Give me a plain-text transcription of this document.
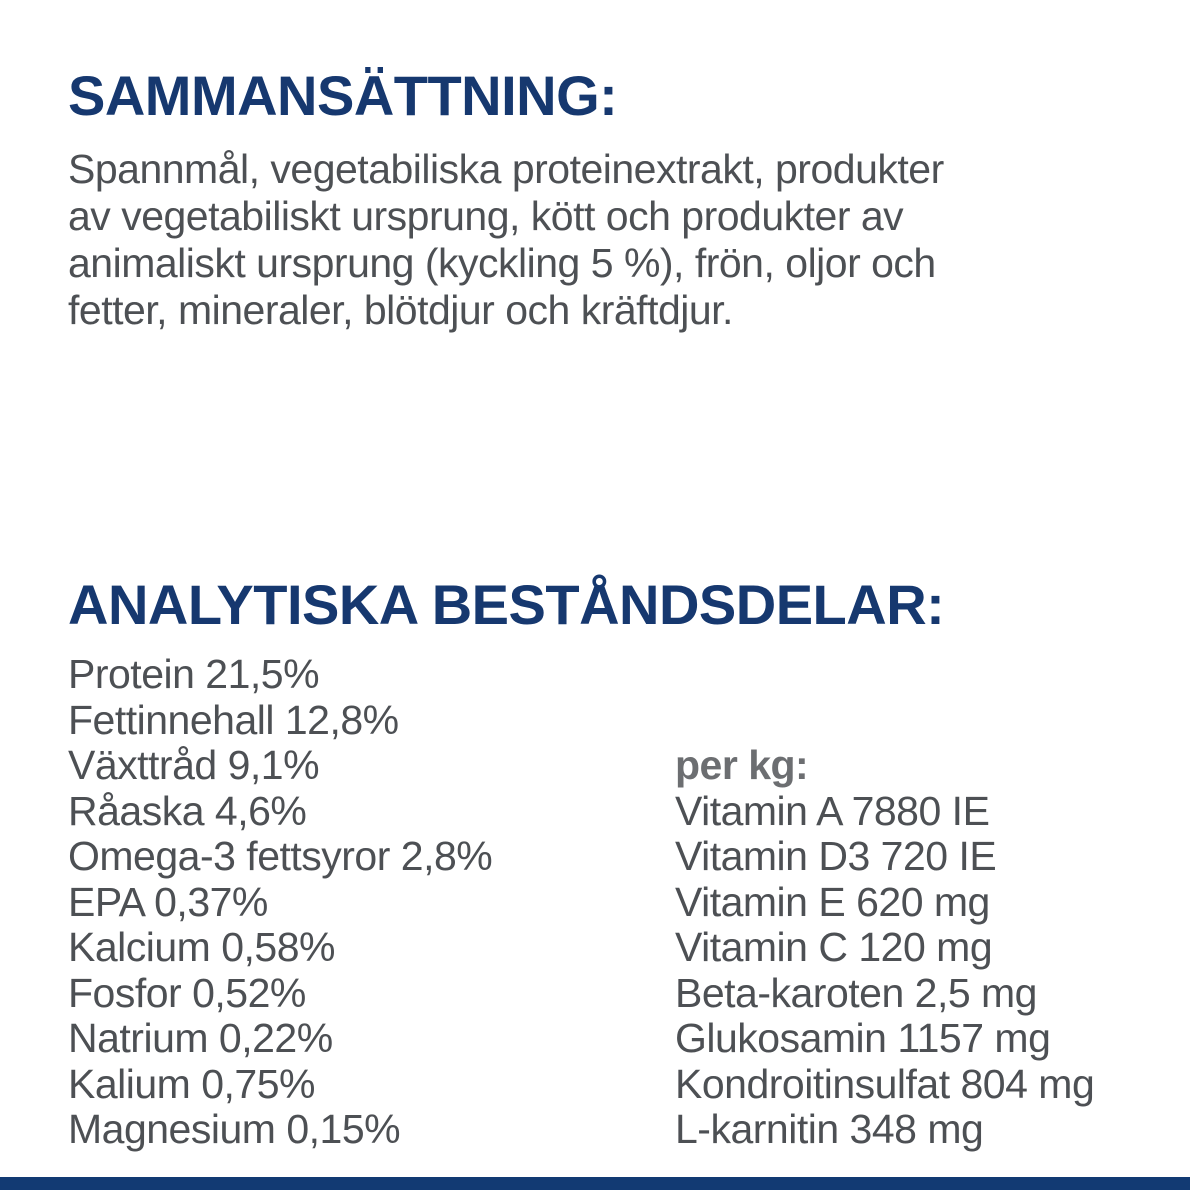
SAMMANSÄTTNING:
Spannmål, vegetabiliska proteinextrakt, produkter
av vegetabiliskt ursprung, kött och produkter av
animaliskt ursprung (kyckling 5 %), frön, oljor och
fetter, mineraler, blötdjur och kräftdjur.
ANALYTISKA BESTÅNDSDELAR:
Protein 21,5%
Fettinnehall 12,8%
Växttråd 9,1%
Råaska 4,6%
Omega-3 fettsyror 2,8%
EPA 0,37%
Kalcium 0,58%
Fosfor 0,52%
Natrium 0,22%
Kalium 0,75%
Magnesium 0,15%
per kg:
Vitamin A 7880 IE
Vitamin D3 720 IE
Vitamin E 620 mg
Vitamin C 120 mg
Beta-karoten 2,5 mg
Glukosamin 1157 mg
Kondroitinsulfat 804 mg
L-karnitin 348 mg
